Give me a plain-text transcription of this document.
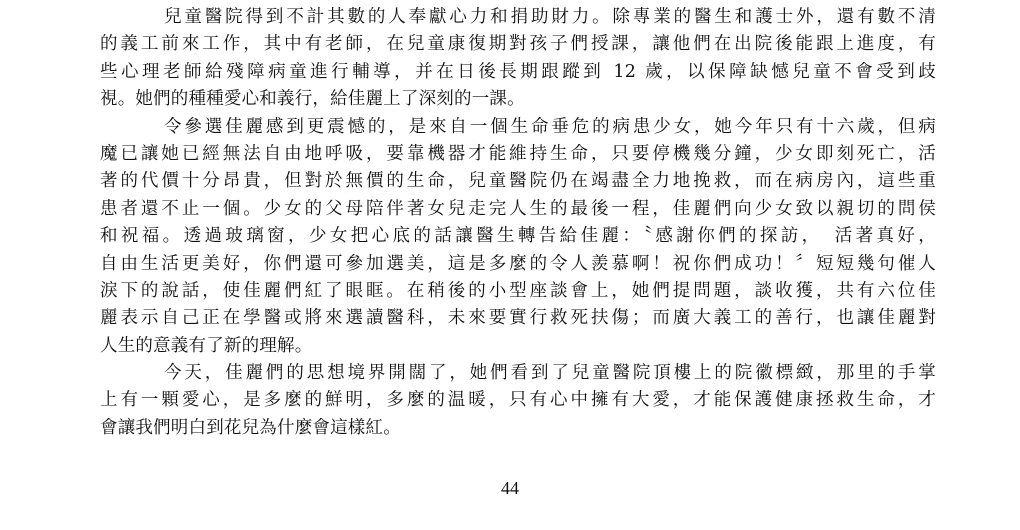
兒童醫院得到不計其數的人奉獻心力和捐助財力。除專業的醫生和護士外，還有數不清
的義工前來工作，其中有老師，在兒童康復期對孩子們授課，讓他們在出院後能跟上進度，有
些心理老師給殘障病童進行輔導，并在日後長期跟蹤到 12 歲，以保障缺憾兒童不會受到歧
視。她們的種種愛心和義行，給佳麗上了深刻的一課。
令參選佳麗感到更震憾的，是來自一個生命垂危的病患少女，她今年只有十六歲，但病
魔已讓她已經無法自由地呼吸，要靠機器才能維持生命，只要停機幾分鐘，少女即刻死亡，活
著的代價十分昂貴，但對於無價的生命，兒童醫院仍在竭盡全力地挽救，而在病房內，這些重
患者還不止一個。少女的父母陪伴著女兒走完人生的最後一程，佳麗們向少女致以親切的問侯
和祝福。透過玻璃窗，少女把心底的話讓醫生轉告給佳麗：〝感謝你們的探訪，　活著真好，
自由生活更美好，你們還可參加選美，這是多麼的令人羨慕啊！祝你們成功！〞短短幾句催人
淚下的說話，使佳麗們紅了眼眶。在稍後的小型座談會上，她們提問題，談收獲，共有六位佳
麗表示自己正在學醫或將來選讀醫科，未來要實行救死扶傷；而廣大義工的善行，也讓佳麗對
人生的意義有了新的理解。
今天，佳麗們的思想境界開闊了，她們看到了兒童醫院頂樓上的院徽標緻，那里的手掌
上有一顆愛心，是多麼的鮮明，多麼的温暖，只有心中擁有大愛，才能保護健康拯救生命，才
會讓我們明白到花兒為什麼會這樣紅。
44
